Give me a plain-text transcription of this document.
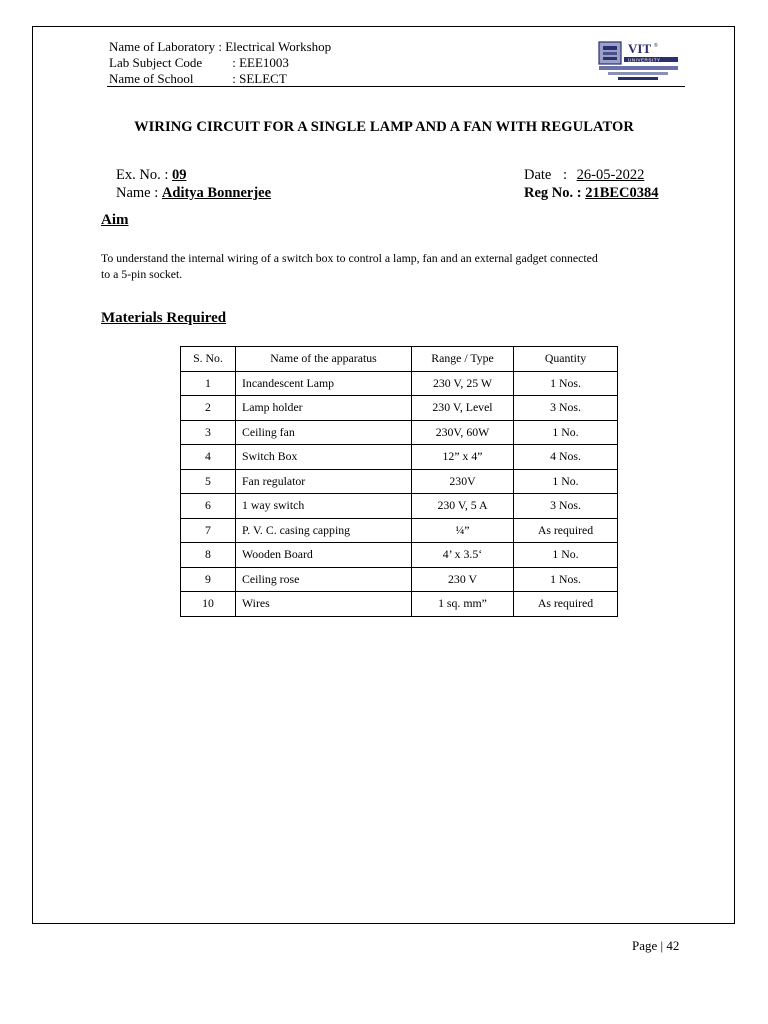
Name of Laboratory : Electrical Workshop
Lab Subject Code : EEE1003
Name of School	: SELECT
VIT ®
UNIVERSITY
WIRING CIRCUIT FOR A SINGLE LAMP AND A FAN WITH REGULATOR
Ex. No. : 09	Date : 26-05-2022
Name : Aditya Bonnerjee	Reg No. : 21BEC0384
Aim
To understand the internal wiring of a switch box to control a lamp, fan and an external gadget connected
to a 5-pin socket.
Materials Required
S. No.	Name of the apparatus	Range / Type	Quantity
1	Incandescent Lamp	230 V, 25 W	1 Nos.
2	Lamp holder	230 V, Level	3 Nos.
3	Ceiling fan	230V, 60W	1 No.
4	Switch Box	12” x 4”	4 Nos.
5	Fan regulator	230V	1 No.
6	1 way switch	230 V, 5 A	3 Nos.
7	P. V. C. casing capping	¼”	As required
8	Wooden Board	4’ x 3.5‘	1 No.
9	Ceiling rose	230 V	1 Nos.
10	Wires	1 sq. mm”	As required
Page | 42
